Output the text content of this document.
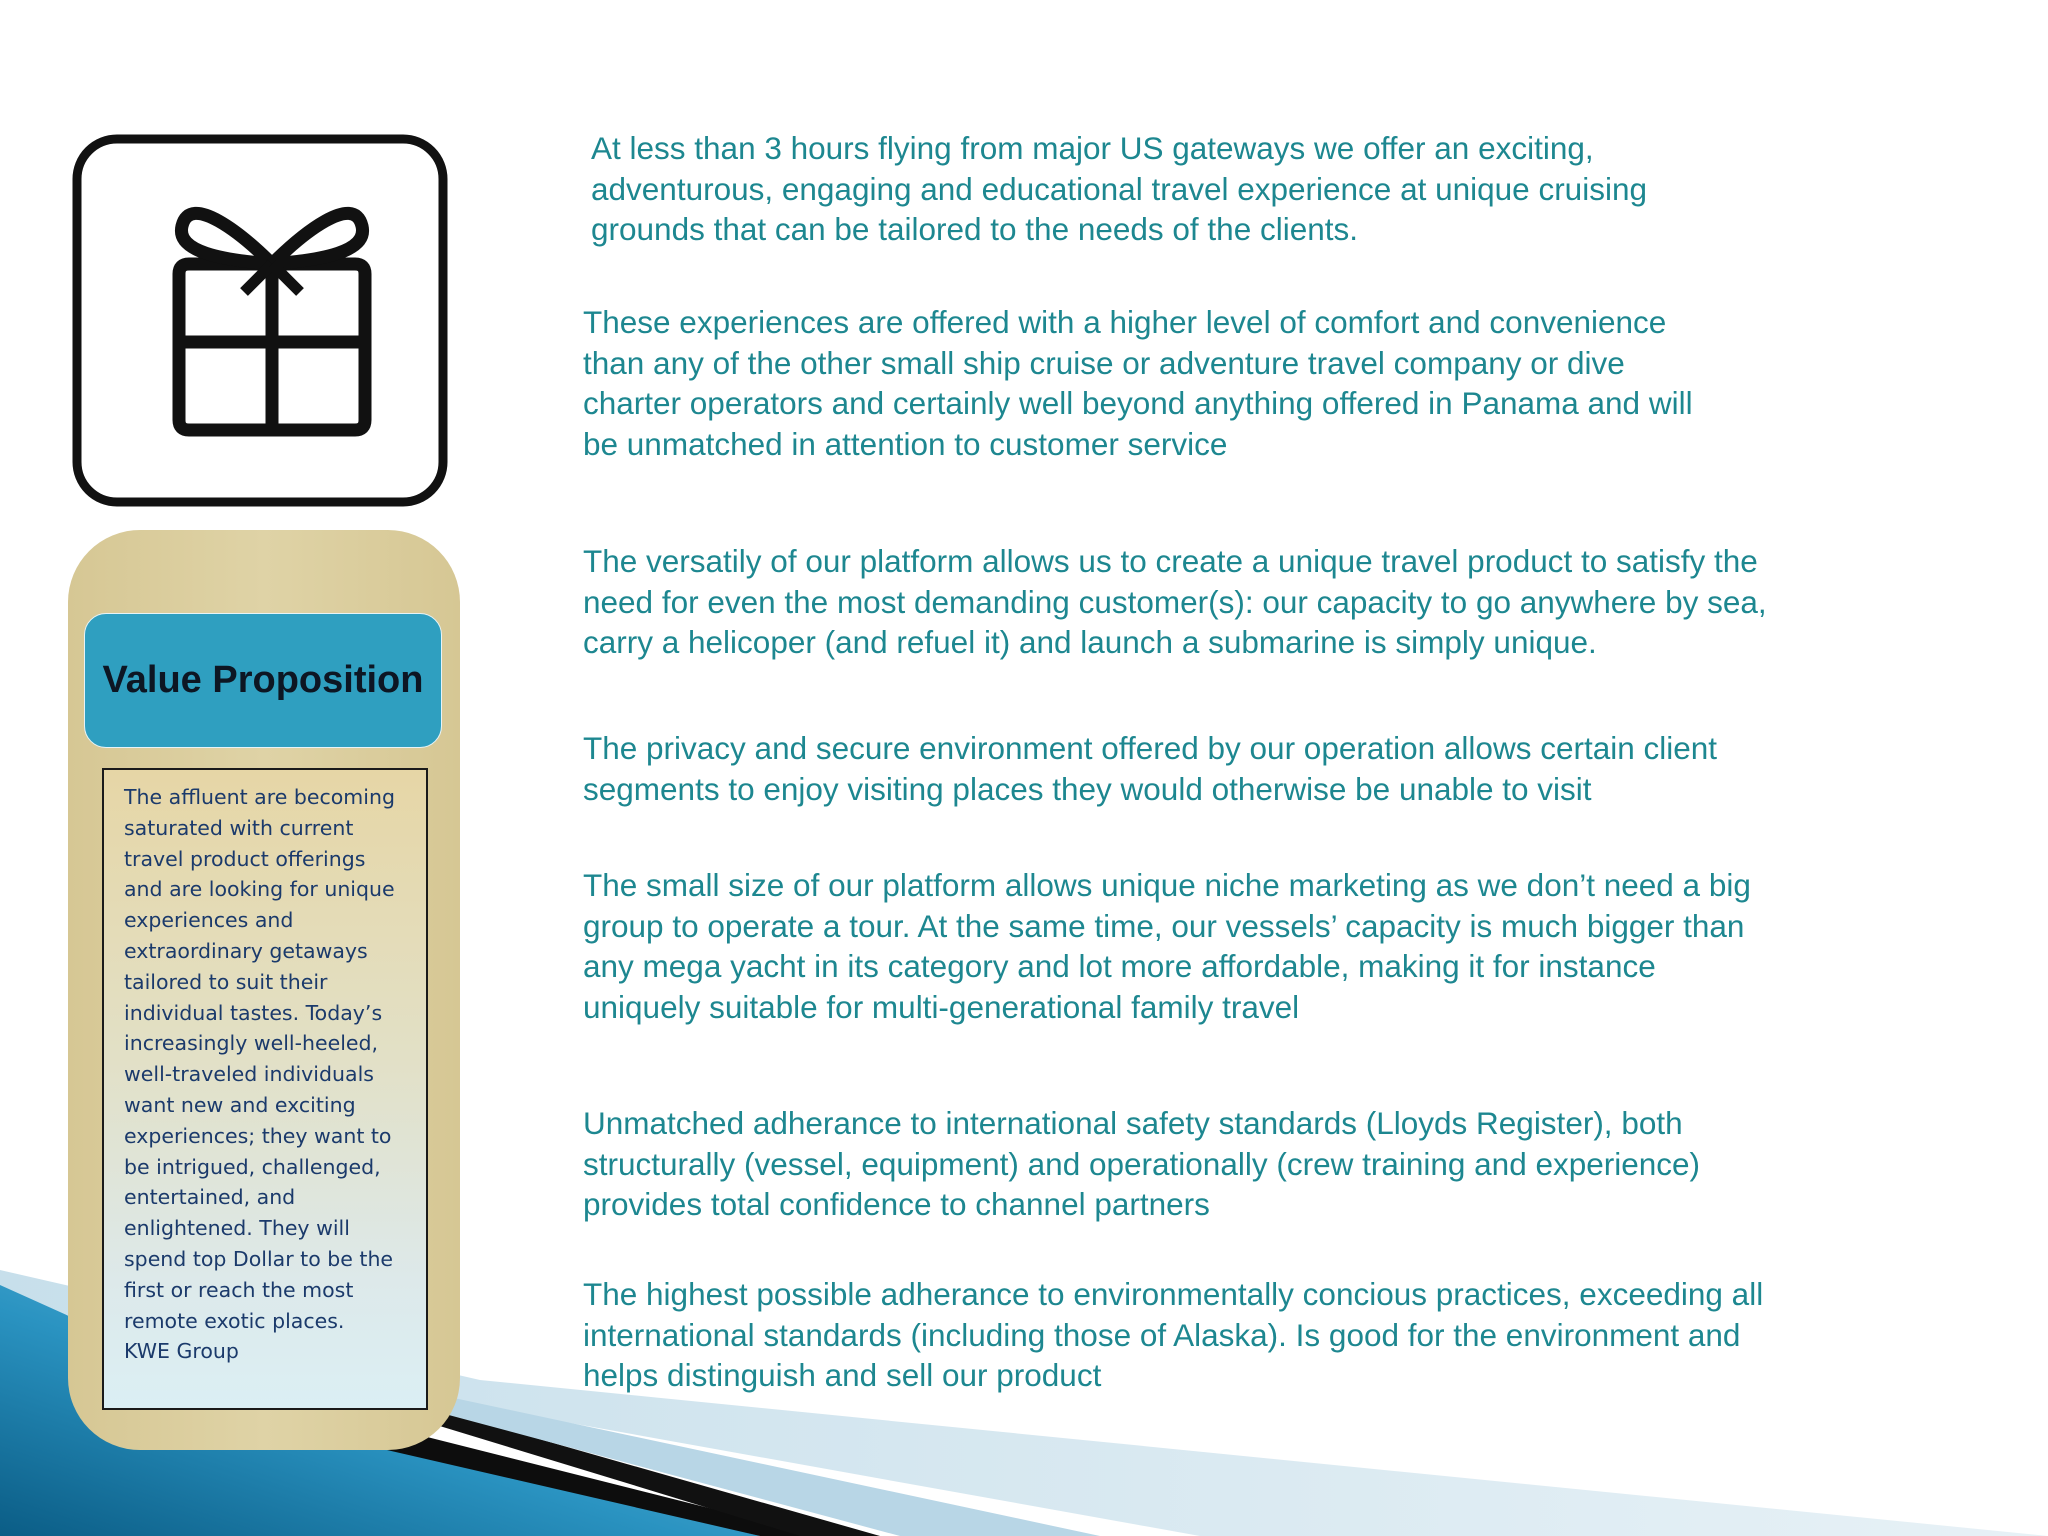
Value Proposition

The affluent are becoming
saturated with current
travel product offerings
and are looking for unique
experiences and
extraordinary getaways
tailored to suit their
individual tastes. Today’s
increasingly well-heeled,
well-traveled individuals
want new and exciting
experiences; they want to
be intrigued, challenged,
entertained, and
enlightened. They will
spend top Dollar to be the
first or reach the most
remote exotic places.
KWE Group

At less than 3 hours flying from major US gateways we offer an exciting,
adventurous, engaging and educational travel experience at unique cruising
grounds that can be tailored to the needs of the clients.

These experiences are offered with a higher level of comfort and convenience
than any of the other small ship cruise or adventure travel company or dive
charter operators and certainly well beyond anything offered in Panama and will
be unmatched in attention to customer service

The versatily of our platform allows us to create a unique travel product to satisfy the
need for even the most demanding customer(s): our capacity to go anywhere by sea,
carry a helicoper (and refuel it) and launch a submarine is simply unique.

The privacy and secure environment offered by our operation allows certain client
segments to enjoy visiting places they would otherwise be unable to visit

The small size of our platform allows unique niche marketing as we don’t need a big
group to operate a tour. At the same time, our vessels’ capacity is much bigger than
any mega yacht in its category and lot more affordable, making it for instance
uniquely suitable for multi-generational family travel

Unmatched adherance to international safety standards (Lloyds Register), both
structurally (vessel, equipment) and operationally (crew training and experience)
provides total confidence to channel partners

The highest possible adherance to environmentally concious practices, exceeding all
international standards (including those of Alaska). Is good for the environment and
helps distinguish and sell our product
